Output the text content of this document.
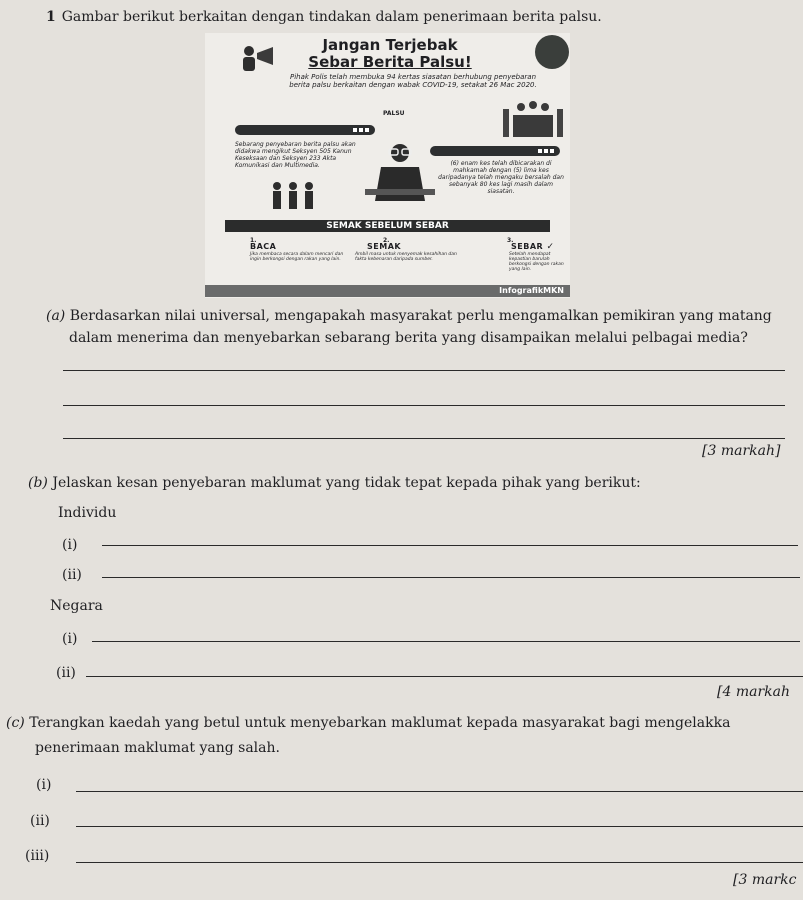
1 Gambar berikut berkaitan dengan tindakan dalam penerimaan berita palsu.
Jangan Terjebak
Sebar Berita Palsu!
Pihak Polis telah membuka 94 kertas siasatan berhubung penyebaran berita palsu berkaitan dengan wabak COVID-19, setakat 26 Mac 2020.
PALSU
Sebarang penyebaran berita palsu akan didakwa mengikut Seksyen 505 Kanun Keseksaan dan Seksyen 233 Akta Komunikasi dan Multimedia.	(6) enam kes telah dibicarakan di mahkamah dengan (5) lima kes daripadanya telah mengaku bersalah dan sebanyak 80 kes lagi masih dalam siasatan.
SEMAK SEBELUM SEBAR
1.
BACA
Jika membaca secara dalam mencari dan ingin berkongsi dengan rakan yang lain.
2.
SEMAK
Ambil masa untuk menyemak kesahihan dan fakta kebenaran daripada sumber.
3.
SEBAR ✓
Setelah mendapat kepastian barulah berkongsi dengan rakan yang lain.
InfografikMKN
(a) Berdasarkan nilai universal, mengapakah masyarakat perlu mengamalkan pemikiran yang matang
dalam menerima dan menyebarkan sebarang berita yang disampaikan melalui pelbagai media?
[3 markah]
(b) Jelaskan kesan penyebaran maklumat yang tidak tepat kepada pihak yang berikut:
Individu
(i)
(ii)
Negara
(i)
(ii)
[4 markah
(c) Terangkan kaedah yang betul untuk menyebarkan maklumat kepada masyarakat bagi mengelakka
penerimaan maklumat yang salah.
(i)
(ii)
(iii)
[3 markc
